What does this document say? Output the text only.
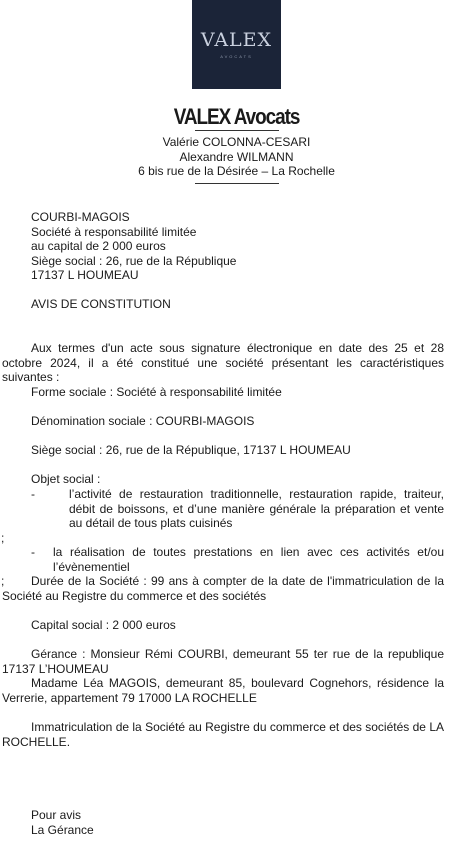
VALEX
AVOCATS
VALEX Avocats
Valérie COLONNA-CESARI
Alexandre WILMANN
6 bis rue de la Désirée – La Rochelle

COURBI-MAGOIS

Société à responsabilité limitée

au capital de 2 000 euros

Siège social : 26, rue de la République

17137 L HOUMEAU

AVIS DE CONSTITUTION

Aux termes d'un acte sous signature électronique en date des 25 et 28 octobre 2024, il a été constitué une société présentant les caractéristiques suivantes :

Forme sociale : Société à responsabilité limitée
Dénomination sociale : COURBI-MAGOIS
Siège social : 26, rue de la République, 17137 L HOUMEAU
Objet social :
-	l’activité de restauration traditionnelle, restauration rapide, traiteur, débit de boissons, et d’une manière générale la préparation et vente au détail de tous plats cuisinés

;

-	la réalisation de toutes prestations en lien avec ces activités et/ou l’évènementiel

;	Durée de la Société : 99 ans à compter de la date de l'immatriculation de la Société au Registre du commerce et des sociétés

Capital social : 2 000 euros

Gérance : Monsieur Rémi COURBI, demeurant 55 ter rue de la republique 17137 L’HOUMEAU

Madame Léa MAGOIS, demeurant 85, boulevard Cognehors, résidence la Verrerie, appartement 79 17000 LA ROCHELLE

Immatriculation de la Société au Registre du commerce et des sociétés de LA ROCHELLE.

Pour avis

La Gérance
